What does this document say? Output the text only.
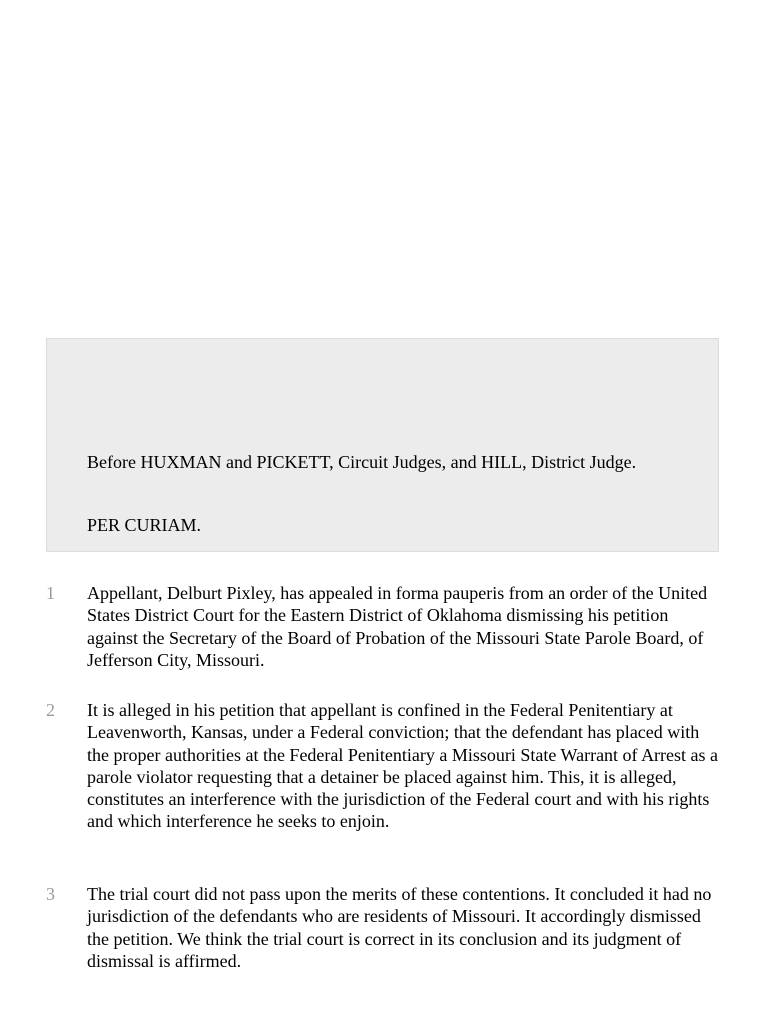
Before HUXMAN and PICKETT, Circuit Judges, and HILL, District Judge.

PER CURIAM.

1	Appellant, Delburt Pixley, has appealed in forma pauperis from an order of the United States District Court for the Eastern District of Oklahoma dismissing his petition against the Secretary of the Board of Probation of the Missouri State Parole Board, of Jefferson City, Missouri.

2	It is alleged in his petition that appellant is confined in the Federal Penitentiary at Leavenworth, Kansas, under a Federal conviction; that the defendant has placed with the proper authorities at the Federal Penitentiary a Missouri State Warrant of Arrest as a parole violator requesting that a detainer be placed against him. This, it is alleged, constitutes an interference with the jurisdiction of the Federal court and with his rights and which interference he seeks to enjoin.

3	The trial court did not pass upon the merits of these contentions. It concluded it had no jurisdiction of the defendants who are residents of Missouri. It accordingly dismissed the petition. We think the trial court is correct in its conclusion and its judgment of dismissal is affirmed.
